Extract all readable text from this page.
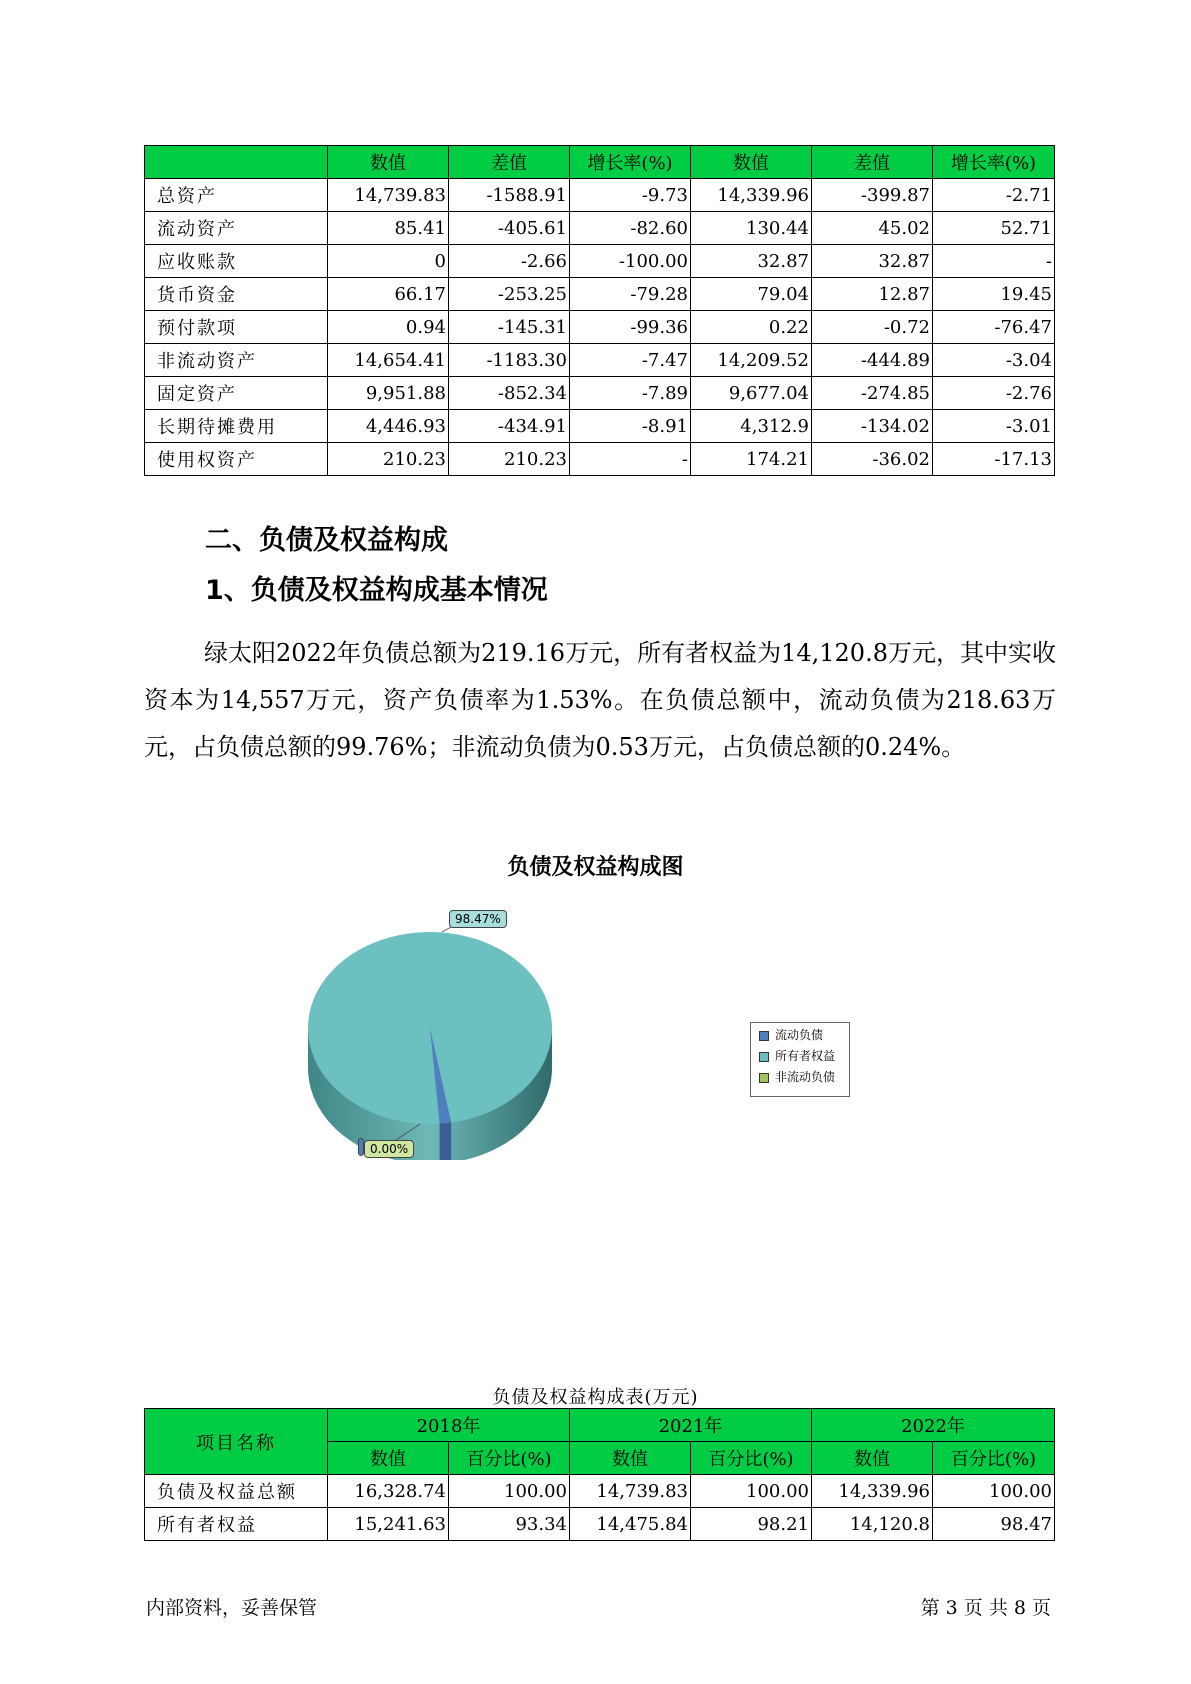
	数值	差值	增长率(%)	数值	差值	增长率(%)
总资产	14,739.83	-1588.91	-9.73	14,339.96	-399.87	-2.71
流动资产	85.41	-405.61	-82.60	130.44	45.02	52.71
应收账款	0	-2.66	-100.00	32.87	32.87	-
货币资金	66.17	-253.25	-79.28	79.04	12.87	19.45
预付款项	0.94	-145.31	-99.36	0.22	-0.72	-76.47
非流动资产	14,654.41	-1183.30	-7.47	14,209.52	-444.89	-3.04
固定资产	9,951.88	-852.34	-7.89	9,677.04	-274.85	-2.76
长期待摊费用	4,446.93	-434.91	-8.91	4,312.9	-134.02	-3.01
使用权资产	210.23	210.23	-	174.21	-36.02	-17.13
二、负债及权益构成
1、负债及权益构成基本情况
绿太阳2022年负债总额为219.16万元，所有者权益为14,120.8万元，其中实收资本为14,557万元，资产负债率为1.53%。在负债总额中，流动负债为218.63万元，占负债总额的99.76%；非流动负债为0.53万元，占负债总额的0.24%。
负债及权益构成图
98.47%
0.00%
流动负债
所有者权益
非流动负债
负债及权益构成表(万元)
项目名称	2018年		2021年		2022年	
	数值	百分比(%)	数值	百分比(%)	数值	百分比(%)
负债及权益总额	16,328.74	100.00	14,739.83	100.00	14,339.96	100.00
所有者权益	15,241.63	93.34	14,475.84	98.21	14,120.8	98.47
内部资料，妥善保管	第 3 页 共 8 页
